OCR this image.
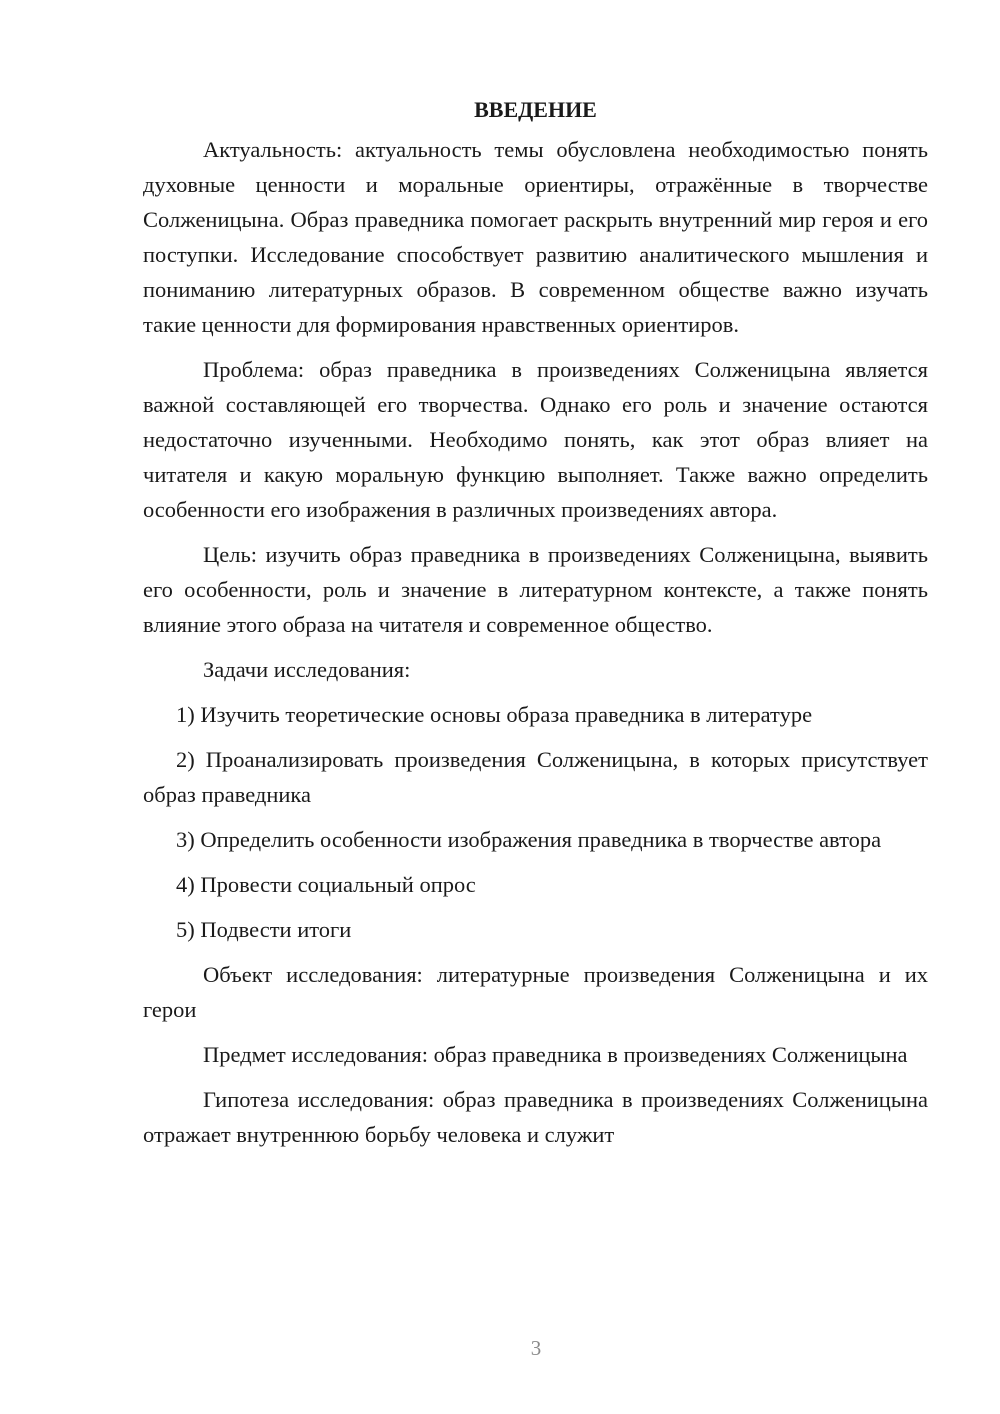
ВВЕДЕНИЕ

Актуальность: актуальность темы обусловлена необходимостью понять духовные ценности и моральные ориентиры, отражённые в творчестве Солженицына. Образ праведника помогает раскрыть внутренний мир героя и его поступки. Исследование способствует развитию аналитического мышления и пониманию литературных образов. В современном обществе важно изучать такие ценности для формирования нравственных ориентиров.

Проблема: образ праведника в произведениях Солженицына является важной составляющей его творчества. Однако его роль и значение остаются недостаточно изученными. Необходимо понять, как этот образ влияет на читателя и какую моральную функцию выполняет. Также важно определить особенности его изображения в различных произведениях автора.

Цель: изучить образ праведника в произведениях Солженицына, выявить его особенности, роль и значение в литературном контексте, а также понять влияние этого образа на читателя и современное общество.

Задачи исследования:

1) Изучить теоретические основы образа праведника в литературе

2) Проанализировать произведения Солженицына, в которых присутствует образ праведника

3) Определить особенности изображения праведника в творчестве автора

4) Провести социальный опрос

5) Подвести итоги

Объект исследования: литературные произведения Солженицына и их герои

Предмет исследования: образ праведника в произведениях Солженицына

Гипотеза исследования: образ праведника в произведениях Солженицына отражает внутреннюю борьбу человека и служит

3
